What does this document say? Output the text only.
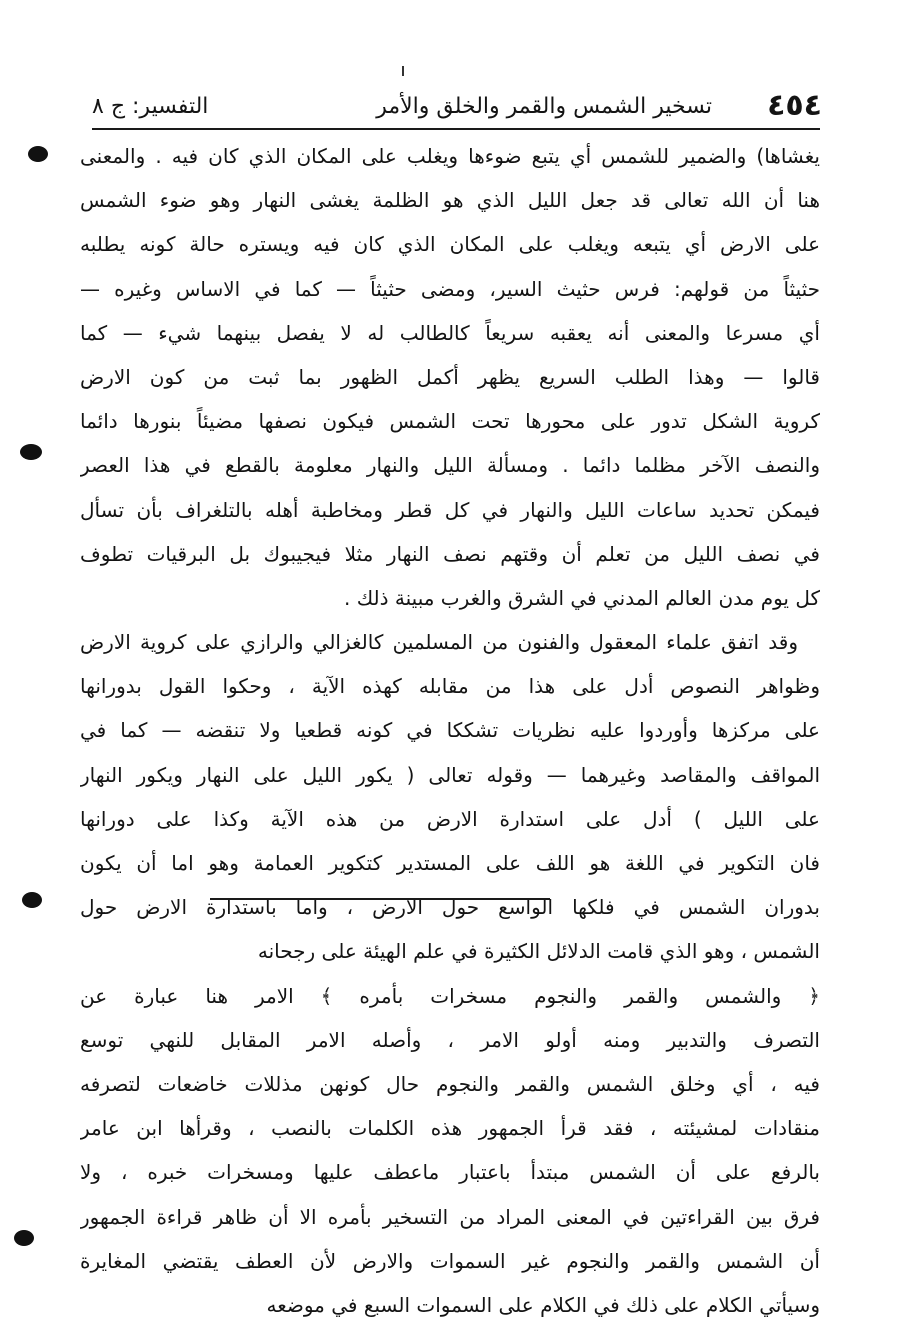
٤٥٤
تسخير الشمس والقمر والخلق والأمر
التفسير: ج ٨
يغشاها) والضمير للشمس أي يتبع ضوءها ويغلب على المكان الذي كان فيه . والمعنى
هنا أن الله تعالى قد جعل الليل الذي هو الظلمة يغشى النهار وهو ضوء الشمس
على الارض أي يتبعه ويغلب على المكان الذي كان فيه ويستره حالة كونه يطلبه
حثيثاً من قولهم: فرس حثيث السير، ومضى حثيثاً — كما في الاساس وغيره —
أي مسرعا والمعنى أنه يعقبه سريعاً كالطالب له لا يفصل بينهما شيء — كما
قالوا — وهذا الطلب السريع يظهر أكمل الظهور بما ثبت من كون الارض
كروية الشكل تدور على محورها تحت الشمس فيكون نصفها مضيئاً بنورها دائما
والنصف الآخر مظلما دائما . ومسألة الليل والنهار معلومة بالقطع في هذا العصر
فيمكن تحديد ساعات الليل والنهار في كل قطر ومخاطبة أهله بالتلغراف بأن تسأل
في نصف الليل من تعلم أن وقتهم نصف النهار مثلا فيجيبوك بل البرقيات تطوف
كل يوم مدن العالم المدني في الشرق والغرب مبينة ذلك .
وقد اتفق علماء المعقول والفنون من المسلمين كالغزالي والرازي على كروية الارض
وظواهر النصوص أدل على هذا من مقابله كهذه الآية ، وحكوا القول بدورانها
على مركزها وأوردوا عليه نظريات تشككا في كونه قطعيا ولا تنقضه — كما في
المواقف والمقاصد وغيرهما — وقوله تعالى ( يكور الليل على النهار ويكور النهار
على الليل ) أدل على استدارة الارض من هذه الآية وكذا على دورانها
فان التكوير في اللغة هو اللف على المستدير كتكوير العمامة وهو اما أن يكون
بدوران الشمس في فلكها الواسع حول الارض ، واما باستدارة الارض حول
الشمس ، وهو الذي قامت الدلائل الكثيرة في علم الهيئة على رجحانه
﴿ والشمس والقمر والنجوم مسخرات بأمره ﴾ الامر هنا عبارة عن
التصرف والتدبير ومنه أولو الامر ، وأصله الامر المقابل للنهي توسع
فيه ، أي وخلق الشمس والقمر والنجوم حال كونهن مذللات خاضعات لتصرفه
منقادات لمشيئته ، فقد قرأ الجمهور هذه الكلمات بالنصب ، وقرأها ابن عامر
بالرفع على أن الشمس مبتدأ باعتبار ماعطف عليها ومسخرات خبره ، ولا
فرق بين القراءتين في المعنى المراد من التسخير بأمره الا أن ظاهر قراءة الجمهور
أن الشمس والقمر والنجوم غير السموات والارض لأن العطف يقتضي المغايرة
وسيأتي الكلام على ذلك في الكلام على السموات السبع في موضعه
